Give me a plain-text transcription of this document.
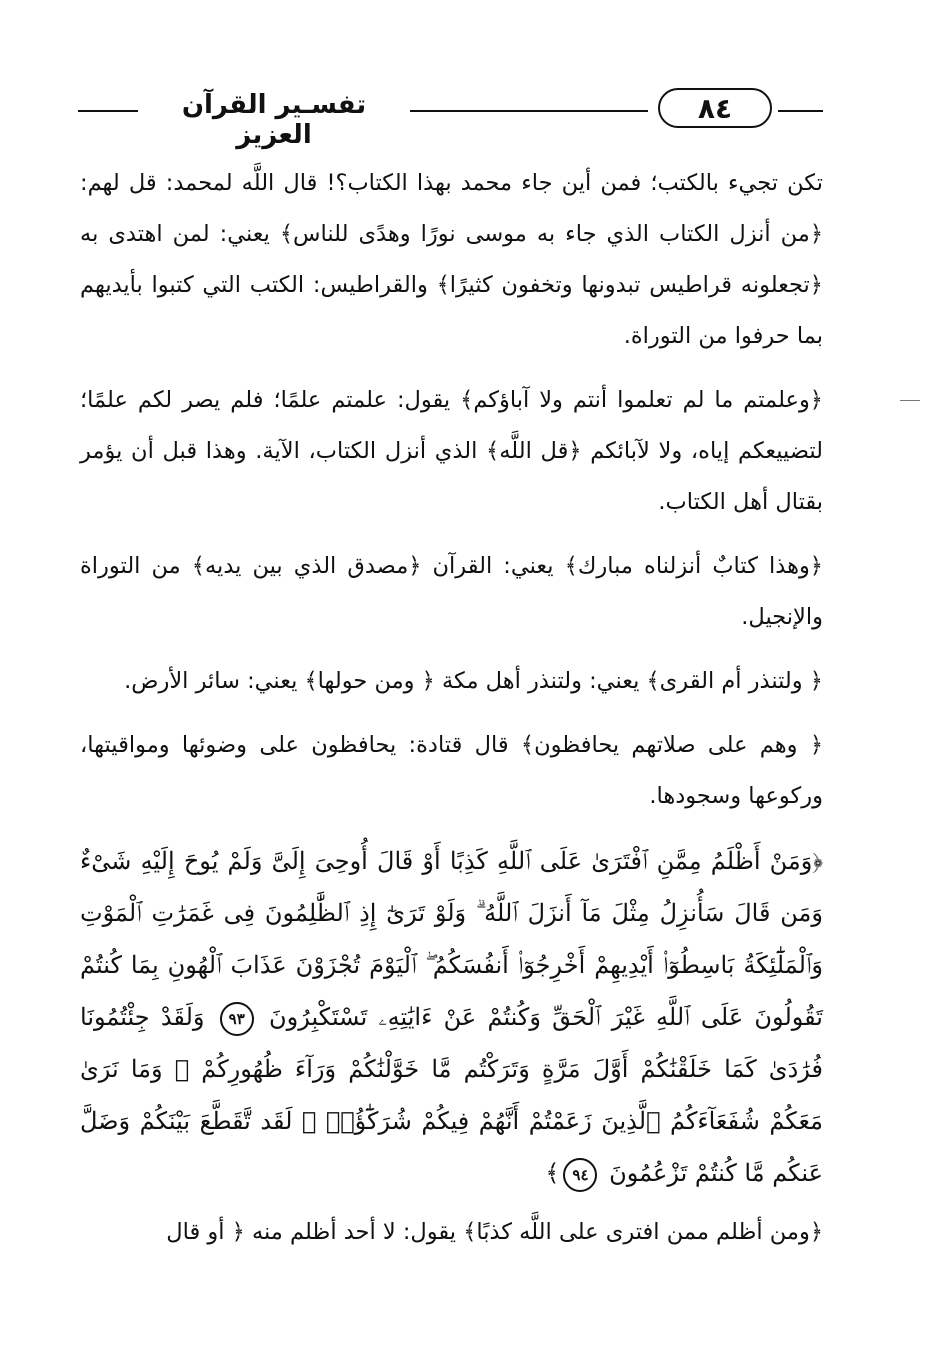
تفسـير القرآن العزيز
٨٤

تكن تجيء بالكتب؛ فمن أين جاء محمد بهذا الكتاب؟! قال اللَّه لمحمد: قل لهم: ﴿من أنزل الكتاب الذي جاء به موسى نورًا وهدًى للناس﴾ يعني: لمن اهتدى به ﴿تجعلونه قراطيس تبدونها وتخفون كثيرًا﴾ والقراطيس: الكتب التي كتبوا بأيديهم بما حرفوا من التوراة.

﴿وعلمتم ما لم تعلموا أنتم ولا آباؤكم﴾ يقول: علمتم علمًا؛ فلم يصر لكم علمًا؛ لتضييعكم إياه، ولا لآبائكم ﴿قل اللَّه﴾ الذي أنزل الكتاب، الآية. وهذا قبل أن يؤمر بقتال أهل الكتاب.

﴿وهذا كتابٌ أنزلناه مبارك﴾ يعني: القرآن ﴿مصدق الذي بين يديه﴾ من التوراة والإنجيل.

﴿ ولتنذر أم القرى﴾ يعني: ولتنذر أهل مكة ﴿ ومن حولها﴾ يعني: سائر الأرض.

﴿ وهم على صلاتهم يحافظون﴾ قال قتادة: يحافظون على وضوئها ومواقيتها، وركوعها وسجودها.

﴿وَمَنْ أَظْلَمُ مِمَّنِ ٱفْتَرَىٰ عَلَى ٱللَّهِ كَذِبًا أَوْ قَالَ أُوحِىَ إِلَىَّ وَلَمْ يُوحَ إِلَيْهِ شَىْءٌ وَمَن قَالَ سَأُنزِلُ مِثْلَ مَآ أَنزَلَ ٱللَّهُ ۗ وَلَوْ تَرَىٰٓ إِذِ ٱلظَّٰلِمُونَ فِى غَمَرَٰتِ ٱلْمَوْتِ وَٱلْمَلَٰٓئِكَةُ بَاسِطُوٓا۟ أَيْدِيهِمْ أَخْرِجُوٓا۟ أَنفُسَكُمُ ۖ ٱلْيَوْمَ تُجْزَوْنَ عَذَابَ ٱلْهُونِ بِمَا كُنتُمْ تَقُولُونَ عَلَى ٱللَّهِ غَيْرَ ٱلْحَقِّ وَكُنتُمْ عَنْ ءَايَٰتِهِۦ تَسْتَكْبِرُونَ ٩٣ وَلَقَدْ جِئْتُمُونَا فُرَٰدَىٰ كَمَا خَلَقْنَٰكُمْ أَوَّلَ مَرَّةٍ وَتَرَكْتُم مَّا خَوَّلْنَٰكُمْ وَرَآءَ ظُهُورِكُمْ ۖ وَمَا نَرَىٰ مَعَكُمْ شُفَعَآءَكُمُ ٱلَّذِينَ زَعَمْتُمْ أَنَّهُمْ فِيكُمْ شُرَكَٰٓؤُا۟ ۚ لَقَد تَّقَطَّعَ بَيْنَكُمْ وَضَلَّ عَنكُم مَّا كُنتُمْ تَزْعُمُونَ ٩٤﴾

﴿ومن أظلم ممن افترى على اللَّه كذبًا﴾ يقول: لا أحد أظلم منه ﴿ أو قال
